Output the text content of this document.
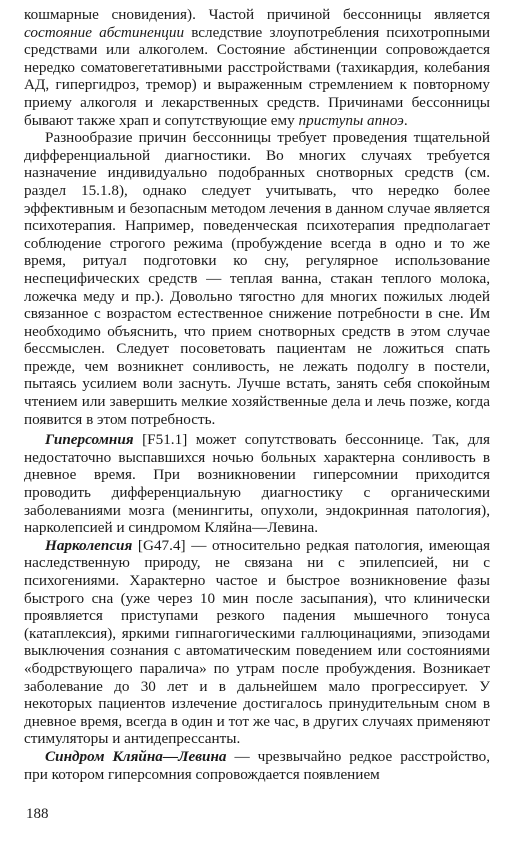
кошмарные сновидения). Частой причиной бессонницы является состояние абстиненции вследствие злоупотребления психотропными средствами или алкоголем. Состояние абстиненции сопровождается нередко соматовегетативными расстройствами (тахикардия, колебания АД, гипергидроз, тремор) и выраженным стремлением к повторному приему алкоголя и лекарственных средств. Причинами бессонницы бывают также храп и сопутствующие ему приступы апноэ.

Разнообразие причин бессонницы требует проведения тщательной дифференциальной диагностики. Во многих случаях требуется назначение индивидуально подобранных снотворных средств (см. раздел 15.1.8), однако следует учитывать, что нередко более эффективным и безопасным методом лечения в данном случае является психотерапия. Например, поведенческая психотерапия предполагает соблюдение строгого режима (пробуждение всегда в одно и то же время, ритуал подготовки ко сну, регулярное использование неспецифических средств — теплая ванна, стакан теплого молока, ложечка меду и пр.). Довольно тягостно для многих пожилых людей связанное с возрастом естественное снижение потребности в сне. Им необходимо объяснить, что прием снотворных средств в этом случае бессмыслен. Следует посоветовать пациентам не ложиться спать прежде, чем возникнет сонливость, не лежать подолгу в постели, пытаясь усилием воли заснуть. Лучше встать, занять себя спокойным чтением или завершить мелкие хозяйственные дела и лечь позже, когда появится в этом потребность.

Гиперсомния [F51.1] может сопутствовать бессоннице. Так, для недостаточно выспавшихся ночью больных характерна сонливость в дневное время. При возникновении гиперсомнии приходится проводить дифференциальную диагностику с органическими заболеваниями мозга (менингиты, опухоли, эндокринная патология), нарколепсией и синдромом Кляйна—Левина.

Нарколепсия [G47.4] — относительно редкая патология, имеющая наследственную природу, не связана ни с эпилепсией, ни с психогениями. Характерно частое и быстрое возникновение фазы быстрого сна (уже через 10 мин после засыпания), что клинически проявляется приступами резкого падения мышечного тонуса (катаплексия), яркими гипнагогическими галлюцинациями, эпизодами выключения сознания с автоматическим поведением или состояниями «бодрствующего паралича» по утрам после пробуждения. Возникает заболевание до 30 лет и в дальнейшем мало прогрессирует. У некоторых пациентов излечение достигалось принудительным сном в дневное время, всегда в один и тот же час, в других случаях применяют стимуляторы и антидепрессанты.

Синдром Кляйна—Левина — чрезвычайно редкое расстройство, при котором гиперсомния сопровождается появлением

188
